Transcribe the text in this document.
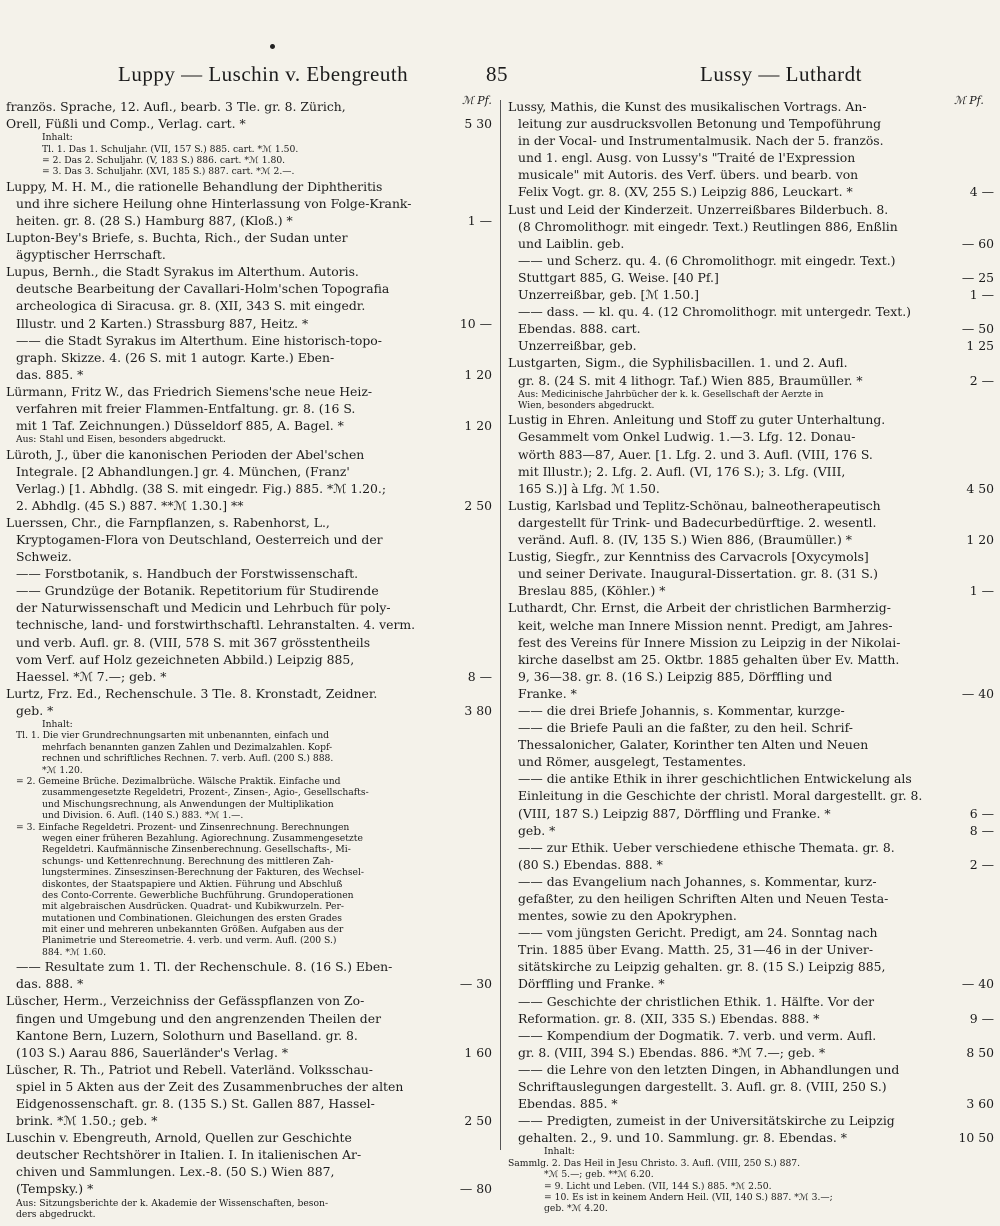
Luppy — Luschin v. Ebengreuth	85	Lussy — Luthardt
ℳ Pf.	ℳ Pf.
französ. Sprache, 12. Aufl., bearb. 3 Tle. gr. 8. Zürich,
Orell, Füßli und Comp., Verlag. cart. *	5 30
Inhalt:
Tl. 1. Das 1. Schuljahr. (VII, 157 S.) 885. cart. *ℳ 1.50.
= 2. Das 2. Schuljahr. (V, 183 S.) 886. cart. *ℳ 1.80.
= 3. Das 3. Schuljahr. (XVI, 185 S.) 887. cart. *ℳ 2.—.
Luppy, M. H. M., die rationelle Behandlung der Diphtheritis
und ihre sichere Heilung ohne Hinterlassung von Folge-Krank-
heiten. gr. 8. (28 S.) Hamburg 887, (Kloß.) *	1 —
Lupton-Bey's Briefe, s. Buchta, Rich., der Sudan unter
ägyptischer Herrschaft.
Lupus, Bernh., die Stadt Syrakus im Alterthum. Autoris.
deutsche Bearbeitung der Cavallari-Holm'schen Topografia
archeologica di Siracusa. gr. 8. (XII, 343 S. mit eingedr.
Illustr. und 2 Karten.) Strassburg 887, Heitz. *	10 —
—— die Stadt Syrakus im Alterthum. Eine historisch-topo-
graph. Skizze. 4. (26 S. mit 1 autogr. Karte.) Eben-
das. 885. *	1 20
Lürmann, Fritz W., das Friedrich Siemens'sche neue Heiz-
verfahren mit freier Flammen-Entfaltung. gr. 8. (16 S.
mit 1 Taf. Zeichnungen.) Düsseldorf 885, A. Bagel. *	1 20
Aus: Stahl und Eisen, besonders abgedruckt.
Lüroth, J., über die kanonischen Perioden der Abel'schen
Integrale. [2 Abhandlungen.] gr. 4. München, (Franz'
Verlag.) [1. Abhdlg. (38 S. mit eingedr. Fig.) 885. *ℳ 1.20.;
2. Abhdlg. (45 S.) 887. **ℳ 1.30.] **	2 50
Luerssen, Chr., die Farnpflanzen, s. Rabenhorst, L.,
Kryptogamen-Flora von Deutschland, Oesterreich und der
Schweiz.
—— Forstbotanik, s. Handbuch der Forstwissenschaft.
—— Grundzüge der Botanik. Repetitorium für Studirende
der Naturwissenschaft und Medicin und Lehrbuch für poly-
technische, land- und forstwirthschaftl. Lehranstalten. 4. verm.
und verb. Aufl. gr. 8. (VIII, 578 S. mit 367 grösstentheils
vom Verf. auf Holz gezeichneten Abbild.) Leipzig 885,
Haessel. *ℳ 7.—; geb. *	8 —
Lurtz, Frz. Ed., Rechenschule. 3 Tle. 8. Kronstadt, Zeidner.
geb. *	3 80
Inhalt:
Tl. 1. Die vier Grundrechnungsarten mit unbenannten, einfach und
mehrfach benannten ganzen Zahlen und Dezimalzahlen. Kopf-
rechnen und schriftliches Rechnen. 7. verb. Aufl. (200 S.) 888.
*ℳ 1.20.
= 2. Gemeine Brüche. Dezimalbrüche. Wälsche Praktik. Einfache und
zusammengesetzte Regeldetri, Prozent-, Zinsen-, Agio-, Gesellschafts-
und Mischungsrechnung, als Anwendungen der Multiplikation
und Division. 6. Aufl. (140 S.) 883. *ℳ 1.—.
= 3. Einfache Regeldetri. Prozent- und Zinsenrechnung. Berechnungen
wegen einer früheren Bezahlung. Agiorechnung. Zusammengesetzte
Regeldetri. Kaufmännische Zinsenberechnung. Gesellschafts-, Mi-
schungs- und Kettenrechnung. Berechnung des mittleren Zah-
lungstermines. Zinseszinsen-Berechnung der Fakturen, des Wechsel-
diskontes, der Staatspapiere und Aktien. Führung und Abschluß
des Conto-Corrente. Gewerbliche Buchführung. Grundoperationen
mit algebraischen Ausdrücken. Quadrat- und Kubikwurzeln. Per-
mutationen und Combinationen. Gleichungen des ersten Grades
mit einer und mehreren unbekannten Größen. Aufgaben aus der
Planimetrie und Stereometrie. 4. verb. und verm. Aufl. (200 S.)
884. *ℳ 1.60.
—— Resultate zum 1. Tl. der Rechenschule. 8. (16 S.) Eben-
das. 888. *	— 30
Lüscher, Herm., Verzeichniss der Gefässpflanzen von Zo-
fingen und Umgebung und den angrenzenden Theilen der
Kantone Bern, Luzern, Solothurn und Baselland. gr. 8.
(103 S.) Aarau 886, Sauerländer's Verlag. *	1 60
Lüscher, R. Th., Patriot und Rebell. Vaterländ. Volksschau-
spiel in 5 Akten aus der Zeit des Zusammenbruches der alten
Eidgenossenschaft. gr. 8. (135 S.) St. Gallen 887, Hassel-
brink. *ℳ 1.50.; geb. *	2 50
Luschin v. Ebengreuth, Arnold, Quellen zur Geschichte
deutscher Rechtshörer in Italien. I. In italienischen Ar-
chiven und Sammlungen. Lex.-8. (50 S.) Wien 887,
(Tempsky.) *	— 80
Aus: Sitzungsberichte der k. Akademie der Wissenschaften, beson-
ders abgedruckt.
Lussy, Mathis, die Kunst des musikalischen Vortrags. An-
leitung zur ausdrucksvollen Betonung und Tempoführung
in der Vocal- und Instrumentalmusik. Nach der 5. französ.
und 1. engl. Ausg. von Lussy's "Traité de l'Expression
musicale" mit Autoris. des Verf. übers. und bearb. von
Felix Vogt. gr. 8. (XV, 255 S.) Leipzig 886, Leuckart. *	4 —
Lust und Leid der Kinderzeit. Unzerreißbares Bilderbuch. 8.
(8 Chromolithogr. mit eingedr. Text.) Reutlingen 886, Enßlin
und Laiblin. geb.	— 60
—— und Scherz. qu. 4. (6 Chromolithogr. mit eingedr. Text.)
Stuttgart 885, G. Weise. [40 Pf.]	— 25
Unzerreißbar, geb. [ℳ 1.50.]	1 —
—— dass. — kl. qu. 4. (12 Chromolithogr. mit untergedr. Text.)
Ebendas. 888. cart.	— 50
Unzerreißbar, geb.	1 25
Lustgarten, Sigm., die Syphilisbacillen. 1. und 2. Aufl.
gr. 8. (24 S. mit 4 lithogr. Taf.) Wien 885, Braumüller. *	2 —
Aus: Medicinische Jahrbücher der k. k. Gesellschaft der Aerzte in
Wien, besonders abgedruckt.
Lustig in Ehren. Anleitung und Stoff zu guter Unterhaltung.
Gesammelt vom Onkel Ludwig. 1.—3. Lfg. 12. Donau-
wörth 883—87, Auer. [1. Lfg. 2. und 3. Aufl. (VIII, 176 S.
mit Illustr.); 2. Lfg. 2. Aufl. (VI, 176 S.); 3. Lfg. (VIII,
165 S.)] à Lfg. ℳ 1.50.	4 50
Lustig, Karlsbad und Teplitz-Schönau, balneotherapeutisch
dargestellt für Trink- und Badecurbedürftige. 2. wesentl.
veränd. Aufl. 8. (IV, 135 S.) Wien 886, (Braumüller.) *	1 20
Lustig, Siegfr., zur Kenntniss des Carvacrols [Oxycymols]
und seiner Derivate. Inaugural-Dissertation. gr. 8. (31 S.)
Breslau 885, (Köhler.) *	1 —
Luthardt, Chr. Ernst, die Arbeit der christlichen Barmherzig-
keit, welche man Innere Mission nennt. Predigt, am Jahres-
fest des Vereins für Innere Mission zu Leipzig in der Nikolai-
kirche daselbst am 25. Oktbr. 1885 gehalten über Ev. Matth.
9, 36—38. gr. 8. (16 S.) Leipzig 885, Dörffling und
Franke. *	— 40
—— die drei Briefe Johannis, s. Kommentar, kurzge-
—— die Briefe Pauli an die faßter, zu den heil. Schrif-
Thessalonicher, Galater, Korinther ten Alten und Neuen
und Römer, ausgelegt, Testamentes.
—— die antike Ethik in ihrer geschichtlichen Entwickelung als
Einleitung in die Geschichte der christl. Moral dargestellt. gr. 8.
(VIII, 187 S.) Leipzig 887, Dörffling und Franke. *	6 —
geb. *	8 —
—— zur Ethik. Ueber verschiedene ethische Themata. gr. 8.
(80 S.) Ebendas. 888. *	2 —
—— das Evangelium nach Johannes, s. Kommentar, kurz-
gefaßter, zu den heiligen Schriften Alten und Neuen Testa-
mentes, sowie zu den Apokryphen.
—— vom jüngsten Gericht. Predigt, am 24. Sonntag nach
Trin. 1885 über Evang. Matth. 25, 31—46 in der Univer-
sitätskirche zu Leipzig gehalten. gr. 8. (15 S.) Leipzig 885,
Dörffling und Franke. *	— 40
—— Geschichte der christlichen Ethik. 1. Hälfte. Vor der
Reformation. gr. 8. (XII, 335 S.) Ebendas. 888. *	9 —
—— Kompendium der Dogmatik. 7. verb. und verm. Aufl.
gr. 8. (VIII, 394 S.) Ebendas. 886. *ℳ 7.—; geb. *	8 50
—— die Lehre von den letzten Dingen, in Abhandlungen und
Schriftauslegungen dargestellt. 3. Aufl. gr. 8. (VIII, 250 S.)
Ebendas. 885. *	3 60
—— Predigten, zumeist in der Universitätskirche zu Leipzig
gehalten. 2., 9. und 10. Sammlung. gr. 8. Ebendas. *	10 50
Inhalt:
Sammlg. 2. Das Heil in Jesu Christo. 3. Aufl. (VIII, 250 S.) 887.
*ℳ 5.—; geb. **ℳ 6.20.
= 9. Licht und Leben. (VII, 144 S.) 885. *ℳ 2.50.
= 10. Es ist in keinem Andern Heil. (VII, 140 S.) 887. *ℳ 3.—;
geb. *ℳ 4.20.
